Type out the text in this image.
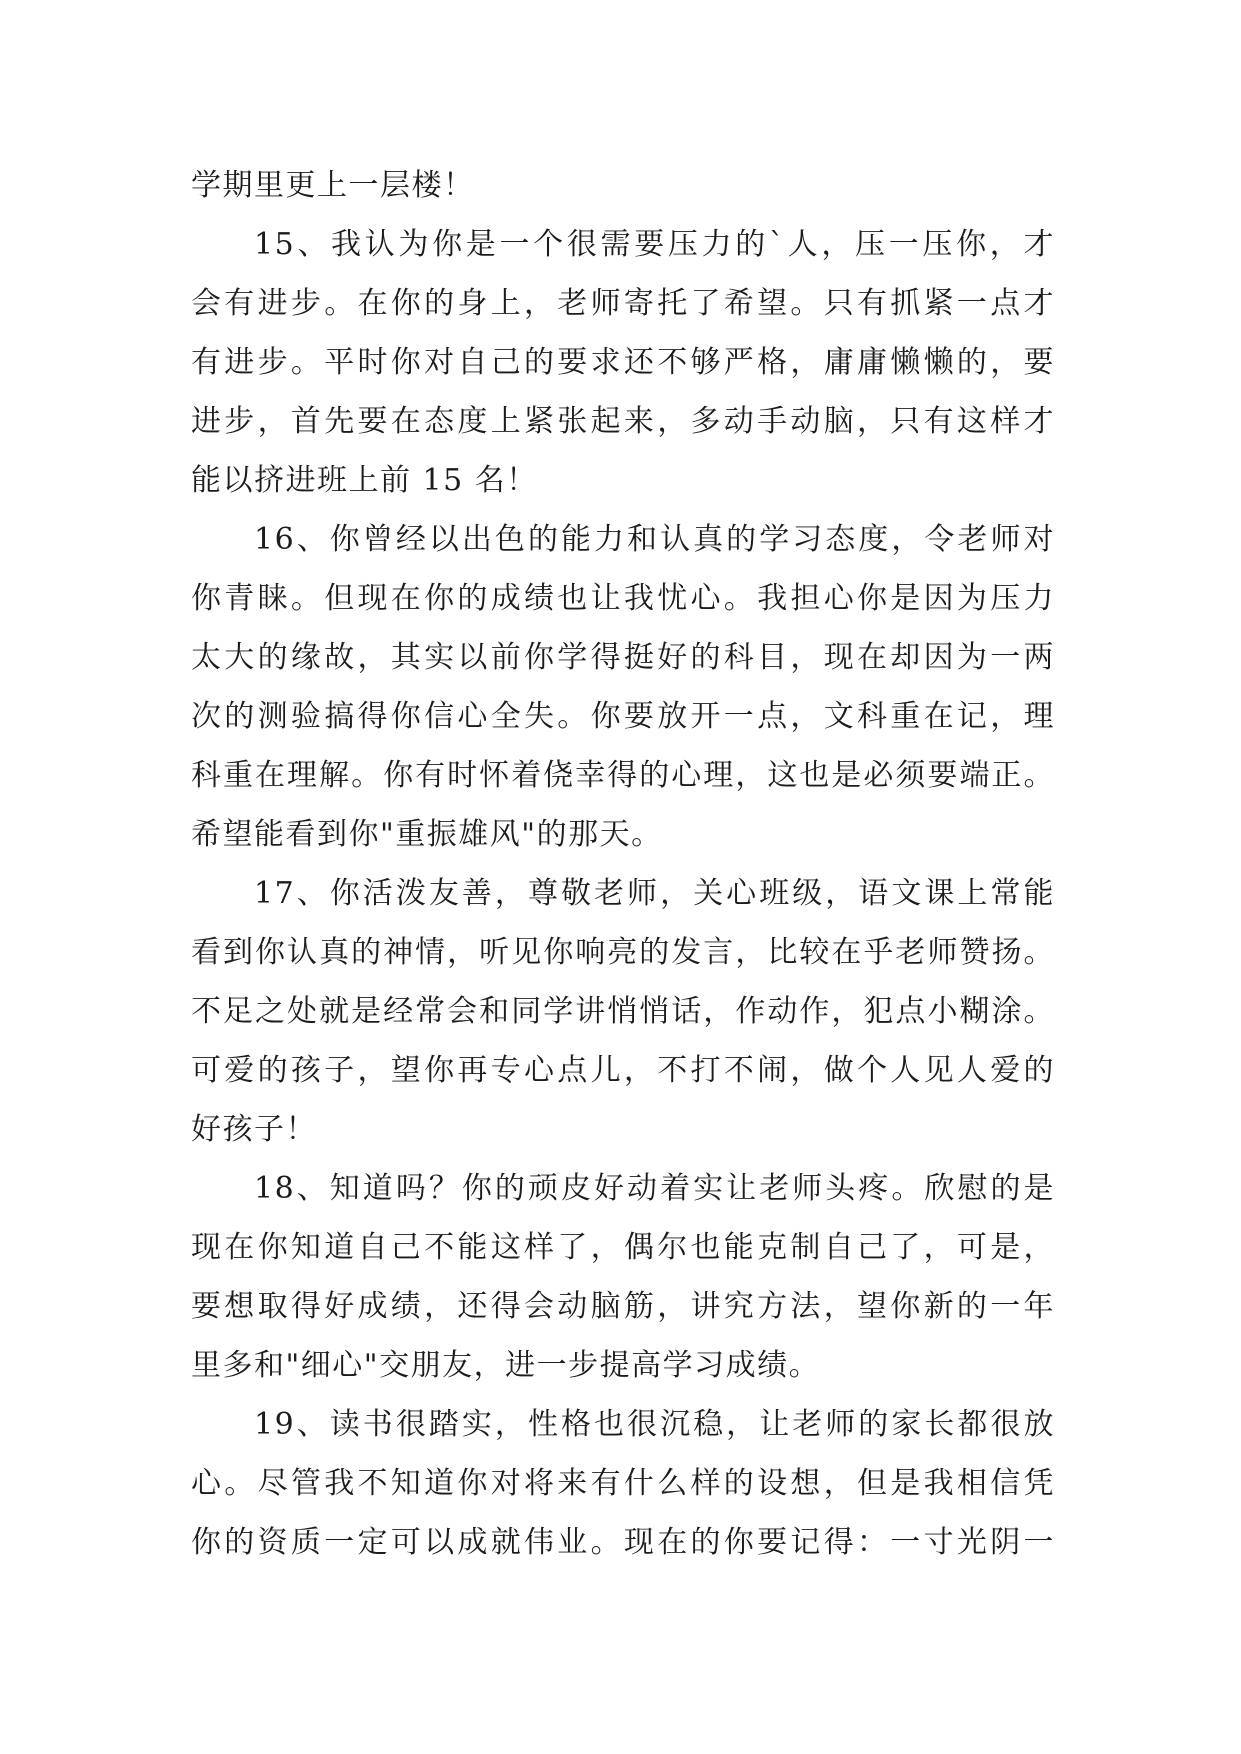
学期里更上一层楼！
15、我认为你是一个很需要压力的`人，压一压你，才
会有进步。在你的身上，老师寄托了希望。只有抓紧一点才
有进步。平时你对自己的要求还不够严格，庸庸懒懒的，要
进步，首先要在态度上紧张起来，多动手动脑，只有这样才
能以挤进班上前 15 名！
16、你曾经以出色的能力和认真的学习态度，令老师对
你青睐。但现在你的成绩也让我忧心。我担心你是因为压力
太大的缘故，其实以前你学得挺好的科目，现在却因为一两
次的测验搞得你信心全失。你要放开一点，文科重在记，理
科重在理解。你有时怀着侥幸得的心理，这也是必须要端正。
希望能看到你"重振雄风"的那天。
17、你活泼友善，尊敬老师，关心班级，语文课上常能
看到你认真的神情，听见你响亮的发言，比较在乎老师赞扬。
不足之处就是经常会和同学讲悄悄话，作动作，犯点小糊涂。
可爱的孩子，望你再专心点儿，不打不闹，做个人见人爱的
好孩子！
18、知道吗？你的顽皮好动着实让老师头疼。欣慰的是
现在你知道自己不能这样了，偶尔也能克制自己了，可是，
要想取得好成绩，还得会动脑筋，讲究方法，望你新的一年
里多和"细心"交朋友，进一步提高学习成绩。
19、读书很踏实，性格也很沉稳，让老师的家长都很放
心。尽管我不知道你对将来有什么样的设想，但是我相信凭
你的资质一定可以成就伟业。现在的你要记得：一寸光阴一
